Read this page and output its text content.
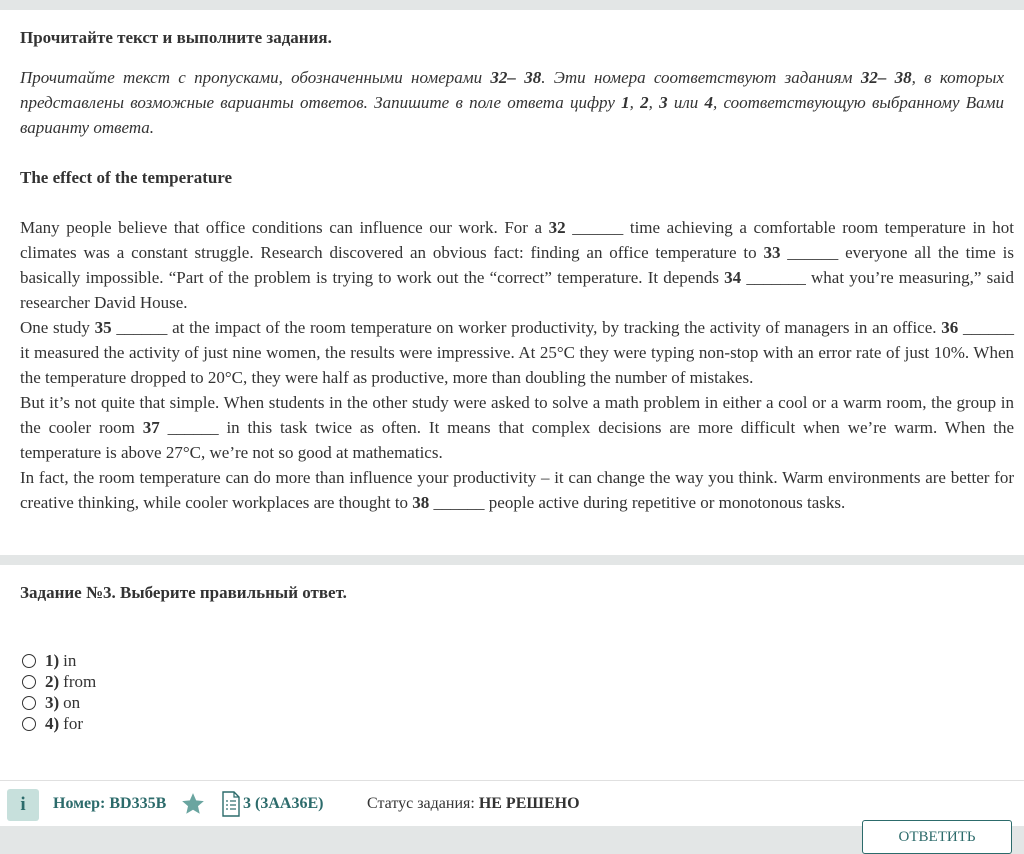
Прочитайте текст и выполните задания.
Прочитайте текст с пропусками, обозначенными номерами 32– 38. Эти номера соответствуют заданиям 32– 38, в которых представлены возможные варианты ответов. Запишите в поле ответа цифру 1, 2, 3 или 4, соответствующую выбранному Вами варианту ответа.
The effect of the temperature

Many people believe that office conditions can influence our work. For a 32 ______ time achieving a comfortable room temperature in hot climates was a constant struggle. Research discovered an obvious fact: finding an office temperature to 33 ______ everyone all the time is basically impossible. “Part of the problem is trying to work out the “correct” temperature. It depends 34 _______ what you’re measuring,” said researcher David House.

One study 35 ______ at the impact of the room temperature on worker productivity, by tracking the activity of managers in an office. 36 ______ it measured the activity of just nine women, the results were impressive. At 25°C they were typing non-stop with an error rate of just 10%. When the temperature dropped to 20°C, they were half as productive, more than doubling the number of mistakes.

But it’s not quite that simple. When students in the other study were asked to solve a math problem in either a cool or a warm room, the group in the cooler room 37 ______ in this task twice as often. It means that complex decisions are more difficult when we’re warm. When the temperature is above 27°C, we’re not so good at mathematics.

In fact, the room temperature can do more than influence your productivity – it can change the way you think. Warm environments are better for creative thinking, while cooler workplaces are thought to 38 ______ people active during repetitive or monotonous tasks.

Задание №3. Выберите правильный ответ.
1) in
2) from
3) on
4) for
i	Номер: BD335B	3 (3AA36E)	Статус задания: НЕ РЕШЕНО
ОТВЕТИТЬ
